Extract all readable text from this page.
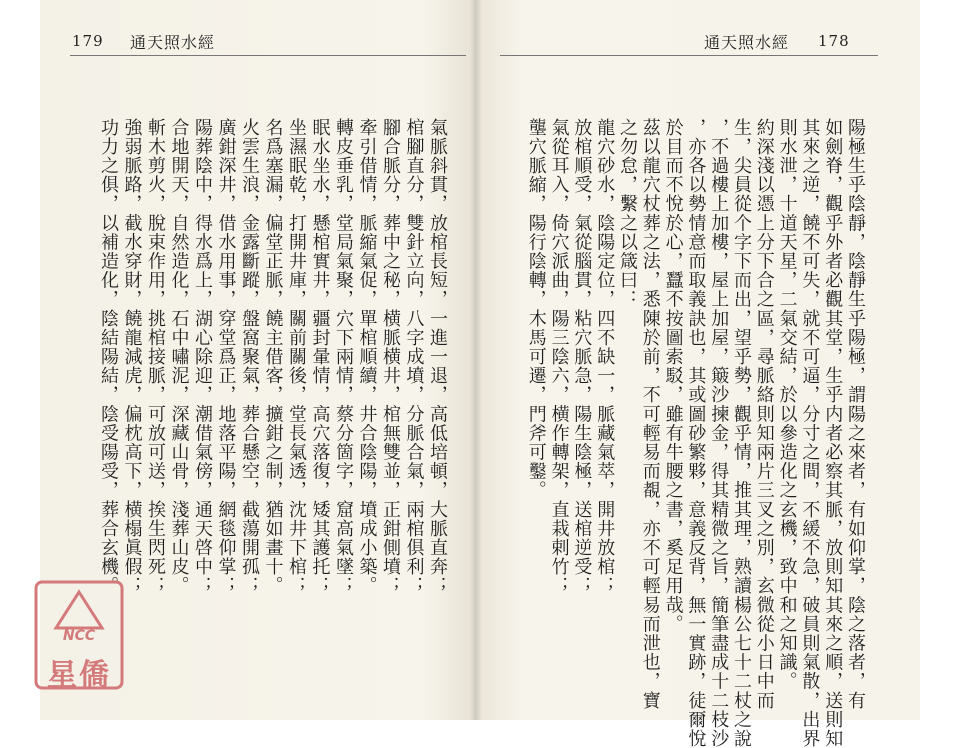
179 通天照水經	通天照水經 178
氣脈斜貫，放棺長短，一進一退，高低培頓，大脈直奔；
棺腳直分，雙針立向，八字成墳，分脈合氣，兩棺俱利；
腳合脈分，葬中之秘，横脈横井，棺無雙並，正鉗側墳；
牽引借情，脈縮氣促，單棺順續，井合陰陽，墳成小築。
轉皮垂乳，堂局氣聚，穴下兩情，蔡分箇字，窟高氣墜；
眠水坐水，懸棺實井，疆封暈情，高穴落復，矮其護托；
坐濕眠乾，打開井庫，關前關後，堂長氣透，沈井下棺；
名爲塞漏，偏堂正脈，饒主借客，擴鉗之制，猶如畫十。
火雲生浪，金露斷蹤，盤窩聚氣，葬合懸空，截蕩開孤；
廣鉗深井，借水用事，穿堂爲正，地落平陽，網毯仰掌；
陽葬陰中，得水爲上，湖心除迎，潮借氣傍，通天啓中；
合地開天，自然造化，石中嘯泥，深藏山骨，淺葬山皮。
斬木剪火，脫束作用，挑棺接脈，可放可送，挨生閃死；
強弱脈路，截水穿財，饒龍減虎，偏枕高下，横榻眞假；
功力之俱，以補造化，陰結陽結，陰受陽受，葬合玄機。	陽極生乎陰靜，陰靜生乎陽極，謂陽之來者，有如仰掌，陰之落者，有
如劍脊，觀乎外者必觀其堂，生乎内者必察其脈，放則知其來之順，送則知
其來之逆，饒不可失，就不可逼，分寸之間，不緩不急，破員則氣散，出界
則水泄，十道天星，二氣交結，於以參造化之玄機，致中和之知識。
約深淺以憑上分下合之區，尋脈絡則知兩片三叉之別，玄微從小日中而
生，尖員從个字下而出，望乎勢，觀乎情，推其理，熟讀楊公七十二杖之說
，不過樓上加樓，屋上加屋，簸沙揀金，得其精微之旨，簡筆盡成十二枝沙
，亦各以勢情意而取義訣也，其或圖砂繁夥，意義反背，無一實跡，徒爾悅
於目而不悅於心，蠶不按圖索駁，雖有牛腰之書，奚足用哉。
茲以龍穴杖葬之法，悉陳於前，不可輕易而覩，亦不可輕易而泄也，寶
之勿怠，繫之以箴曰：
龍穴砂水，陰陽定位，四不缺一，脈藏氣萃，開井放棺；
放棺順受，氣從腦貫，粘穴脈急，陽生陰極，送棺逆受；
氣從耳入，倚穴派曲，陽三陰六，横作轉架，直栽剌竹；
壟穴脈縮，陽行陰轉，木馬可遷，門斧可鑿。
NCC
星僑
